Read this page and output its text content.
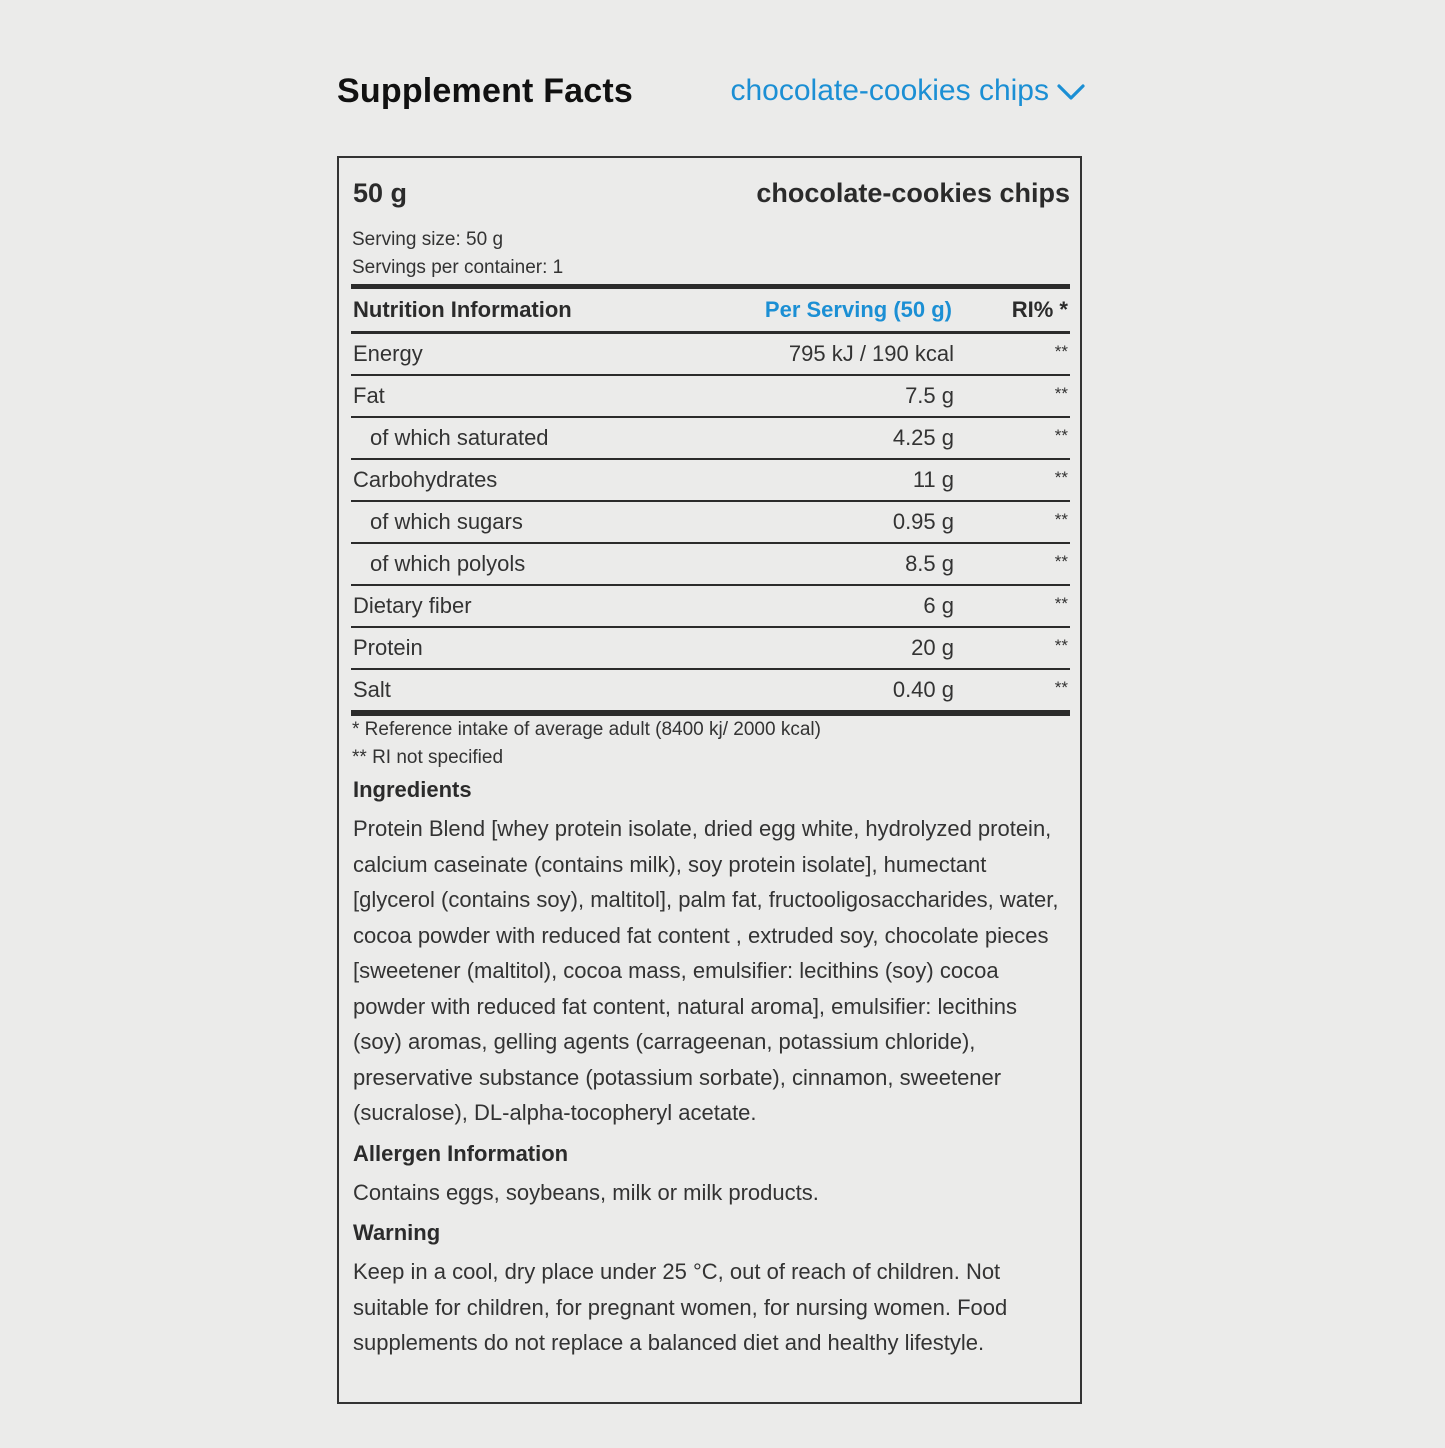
Supplement Facts	chocolate-cookies chips
50 g	chocolate-cookies chips
Serving size: 50 g
Servings per container: 1
Nutrition Information	Per Serving (50 g)	RI% *
Energy	795 kJ / 190 kcal	**
Fat	7.5 g	**
of which saturated	4.25 g	**
Carbohydrates	11 g	**
of which sugars	0.95 g	**
of which polyols	8.5 g	**
Dietary fiber	6 g	**
Protein	20 g	**
Salt	0.40 g	**
* Reference intake of average adult (8400 kj/ 2000 kcal)
** RI not specified
Ingredients
Protein Blend [whey protein isolate, dried egg white, hydrolyzed protein, calcium caseinate (contains milk), soy protein isolate], humectant [glycerol (contains soy), maltitol], palm fat, fructooligosaccharides, water, cocoa powder with reduced fat content , extruded soy, chocolate pieces [sweetener (maltitol), cocoa mass, emulsifier: lecithins (soy) cocoa powder with reduced fat content, natural aroma], emulsifier: lecithins (soy) aromas, gelling agents (carrageenan, potassium chloride), preservative substance (potassium sorbate), cinnamon, sweetener (sucralose), DL-alpha-tocopheryl acetate.
Allergen Information
Contains eggs, soybeans, milk or milk products.
Warning
Keep in a cool, dry place under 25 °C, out of reach of children. Not suitable for children, for pregnant women, for nursing women. Food supplements do not replace a balanced diet and healthy lifestyle.
